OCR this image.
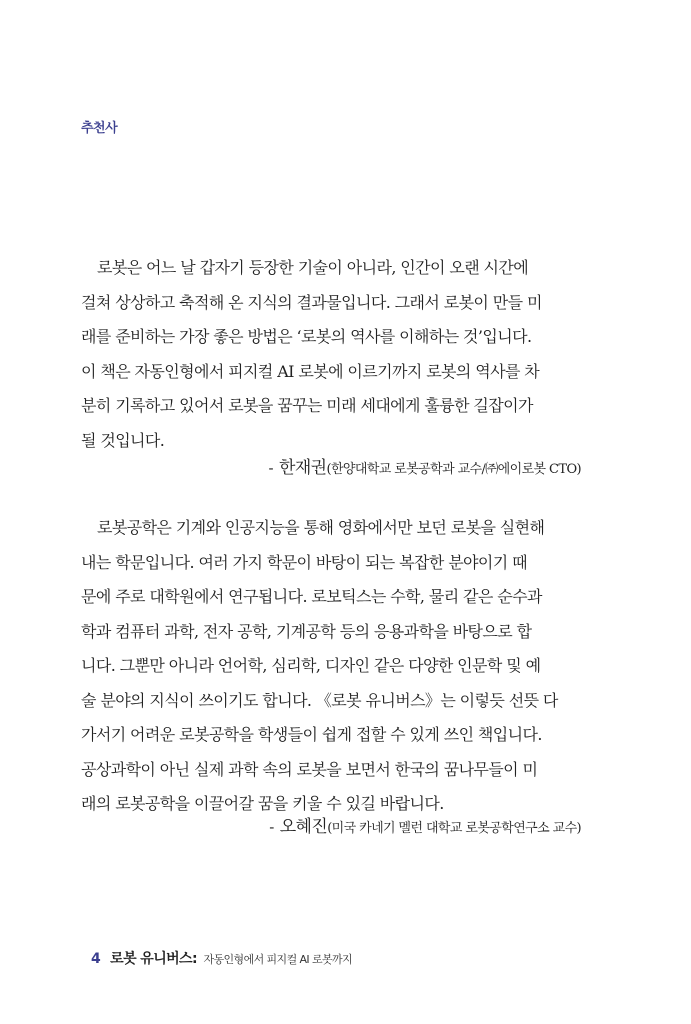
추천사
로봇은 어느 날 갑자기 등장한 기술이 아니라, 인간이 오랜 시간에
걸쳐 상상하고 축적해 온 지식의 결과물입니다. 그래서 로봇이 만들 미
래를 준비하는 가장 좋은 방법은 ‘로봇의 역사를 이해하는 것’입니다.
이 책은 자동인형에서 피지컬 AI 로봇에 이르기까지 로봇의 역사를 차
분히 기록하고 있어서 로봇을 꿈꾸는 미래 세대에게 훌륭한 길잡이가
될 것입니다.
- 한재권(한양대학교 로봇공학과 교수/㈜에이로봇 CTO)
로봇공학은 기계와 인공지능을 통해 영화에서만 보던 로봇을 실현해
내는 학문입니다. 여러 가지 학문이 바탕이 되는 복잡한 분야이기 때
문에 주로 대학원에서 연구됩니다. 로보틱스는 수학, 물리 같은 순수과
학과 컴퓨터 과학, 전자 공학, 기계공학 등의 응용과학을 바탕으로 합
니다. 그뿐만 아니라 언어학, 심리학, 디자인 같은 다양한 인문학 및 예
술 분야의 지식이 쓰이기도 합니다. 《로봇 유니버스》는 이렇듯 선뜻 다
가서기 어려운 로봇공학을 학생들이 쉽게 접할 수 있게 쓰인 책입니다.
공상과학이 아닌 실제 과학 속의 로봇을 보면서 한국의 꿈나무들이 미
래의 로봇공학을 이끌어갈 꿈을 키울 수 있길 바랍니다.
- 오혜진(미국 카네기 멜런 대학교 로봇공학연구소 교수)
4 로봇 유니버스: 자동인형에서 피지컬 AI 로봇까지
